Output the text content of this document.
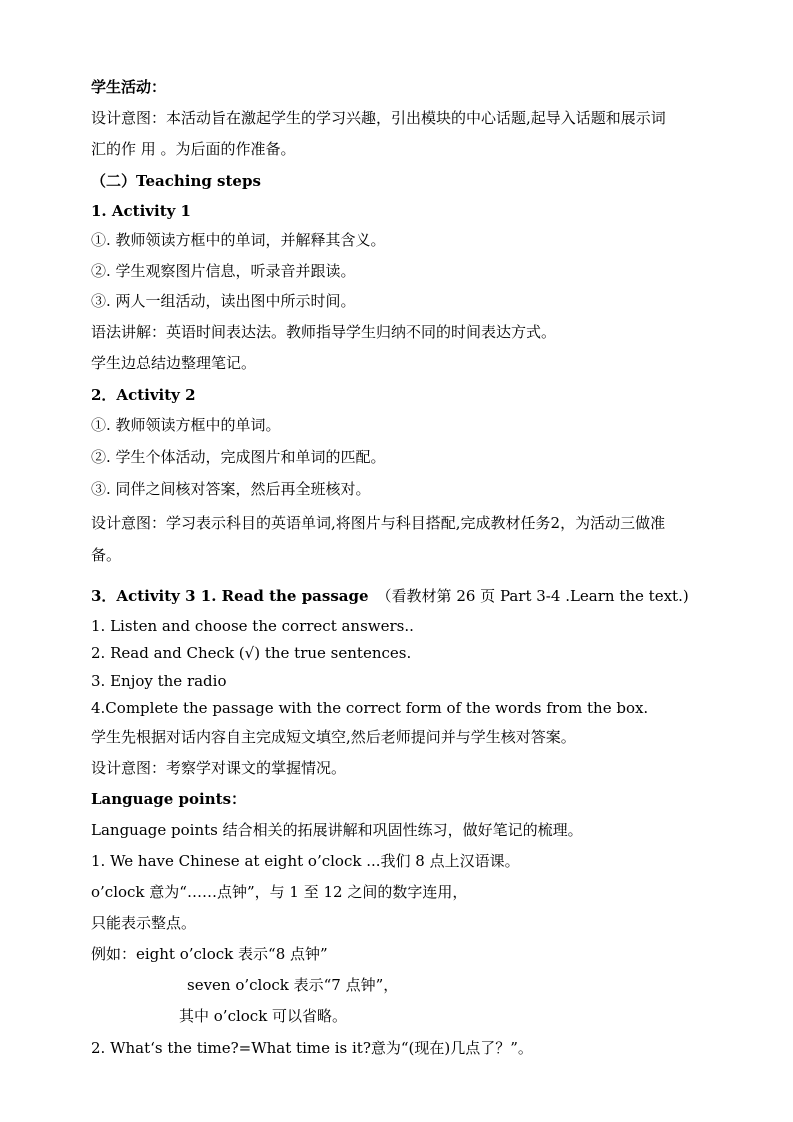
学生活动：
设计意图：本活动旨在激起学生的学习兴趣，引出模块的中心话题,起导入话题和展示词
汇的作 用 。为后面的作准备。
（二）Teaching steps
1. Activity 1
①. 教师领读方框中的单词，并解释其含义。
②. 学生观察图片信息，听录音并跟读。
③. 两人一组活动，读出图中所示时间。
语法讲解：英语时间表达法。教师指导学生归纳不同的时间表达方式。
学生边总结边整理笔记。
2．Activity 2
①. 教师领读方框中的单词。
②. 学生个体活动，完成图片和单词的匹配。
③. 同伴之间核对答案，然后再全班核对。
设计意图：学习表示科目的英语单词,将图片与科目搭配,完成教材任务2，为活动三做准
备。
3．Activity 3 1. Read the passage （看教材第 26 页 Part 3-4 .Learn the text.)
1. Listen and choose the correct answers..
2. Read and Check (√) the true sentences.
3. Enjoy the radio
4.Complete the passage with the correct form of the words from the box.
学生先根据对话内容自主完成短文填空,然后老师提问并与学生核对答案。
设计意图：考察学对课文的掌握情况。
Language points：
Language points 结合相关的拓展讲解和巩固性练习，做好笔记的梳理。
1. We have Chinese at eight o’clock ...我们 8 点上汉语课。
o’clock 意为“……点钟”，与 1 至 12 之间的数字连用，
只能表示整点。
例如：eight o’clock 表示“8 点钟”
seven o’clock 表示“7 点钟”，
其中 o’clock 可以省略。
2. What‘s the time?=What time is it?意为“(现在)几点了？”。
